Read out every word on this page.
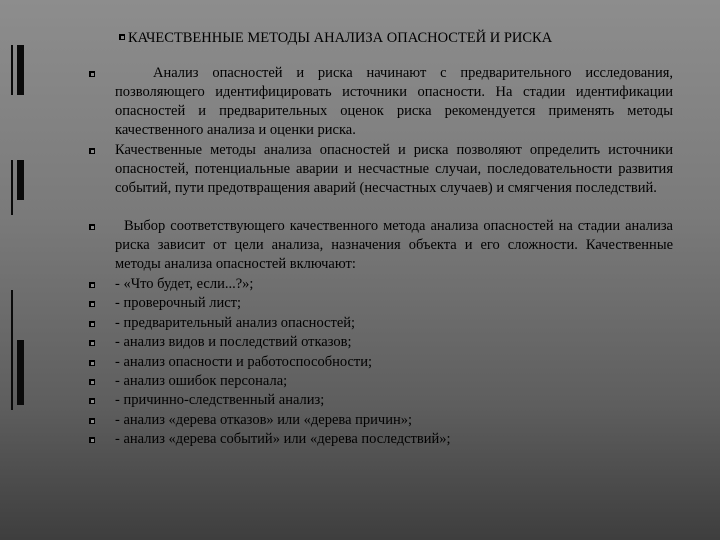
КАЧЕСТВЕННЫЕ МЕТОДЫ АНАЛИЗА ОПАСНОСТЕЙ И РИСКА
Анализ опасностей и риска начинают с предварительного исследования, позволяющего идентифицировать источники опасности. На стадии идентификации опасностей и предварительных оценок риска рекомендуется применять методы качественного анализа и оценки риска.
Качественные методы анализа опасностей и риска позволяют определить источники опасностей, потенциальные аварии и несчастные случаи, последовательности развития событий, пути предотвращения аварий (несчастных случаев) и смягчения последствий.
Выбор соответствующего качественного метода анализа опасностей на стадии анализа риска зависит от цели анализа, назначения объекта и его сложности. Качественные методы анализа опасностей включают:
- «Что будет, если...?»;
- проверочный лист;
- предварительный анализ опасностей;
- анализ видов и последствий отказов;
- анализ опасности и работоспособности;
- анализ ошибок персонала;
- причинно-следственный анализ;
- анализ «дерева отказов» или «дерева причин»;
- анализ «дерева событий» или «дерева последствий»;
